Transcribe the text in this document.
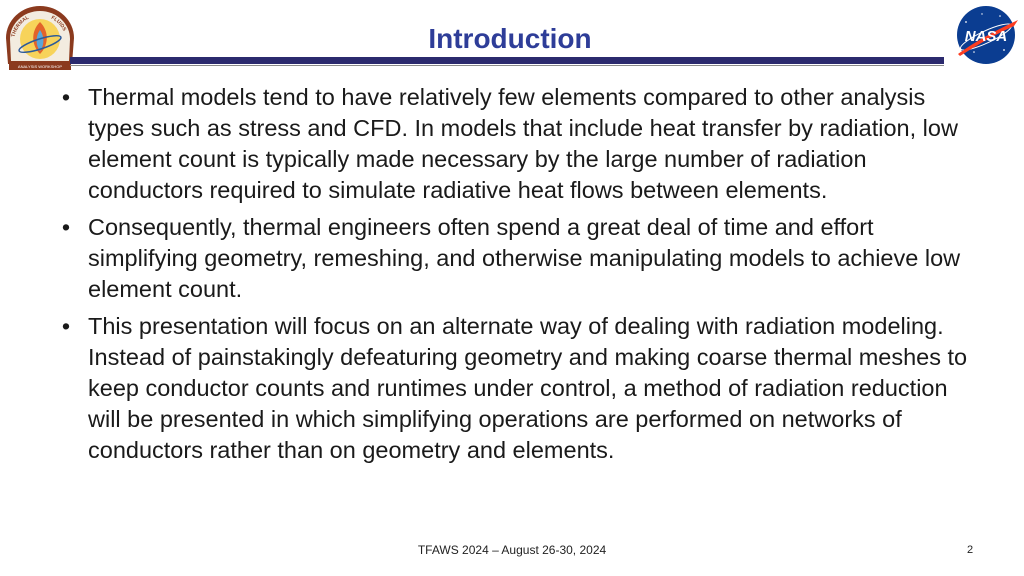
ANALYSIS WORKSHOP
THERMAL	FLUIDS	Introduction	NASA
• Thermal models tend to have relatively few elements compared to other analysis types such as stress and CFD. In models that include heat transfer by radiation, low element count is typically made necessary by the large number of radiation conductors required to simulate radiative heat flows between elements.
• Consequently, thermal engineers often spend a great deal of time and effort simplifying geometry, remeshing, and otherwise manipulating models to achieve low element count.
• This presentation will focus on an alternate way of dealing with radiation modeling. Instead of painstakingly defeaturing geometry and making coarse thermal meshes to keep conductor counts and runtimes under control, a method of radiation reduction will be presented in which simplifying operations are performed on networks of conductors rather than on geometry and elements.
TFAWS 2024 – August 26-30, 2024	2
